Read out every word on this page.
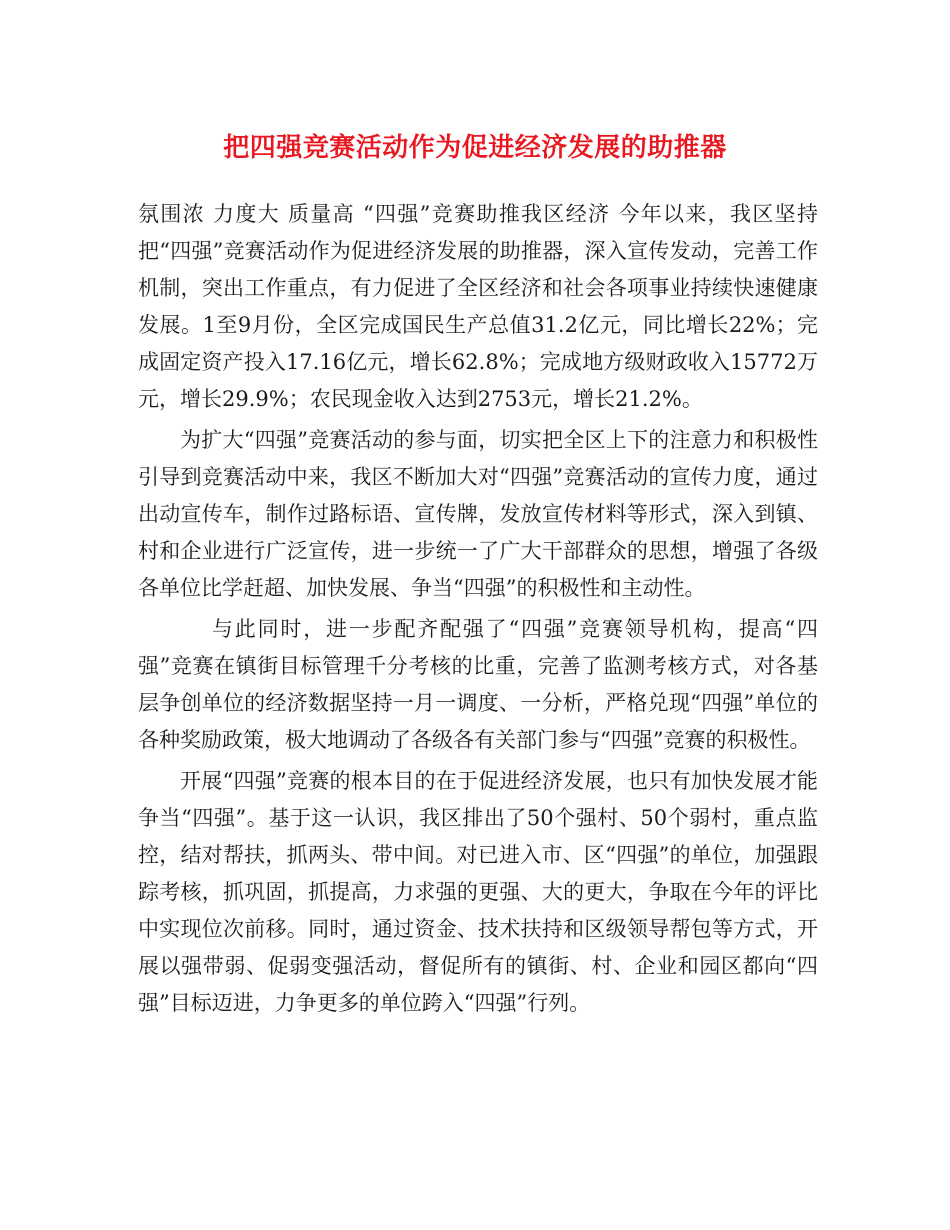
把四强竞赛活动作为促进经济发展的助推器

氛围浓 力度大 质量高 “四强”竞赛助推我区经济 今年以来，我区坚持把“四强”竞赛活动作为促进经济发展的助推器，深入宣传发动，完善工作机制，突出工作重点，有力促进了全区经济和社会各项事业持续快速健康发展。1至9月份，全区完成国民生产总值31.2亿元，同比增长22%；完成固定资产投入17.16亿元，增长62.8%；完成地方级财政收入15772万元，增长29.9%；农民现金收入达到2753元，增长21.2%。

为扩大“四强”竞赛活动的参与面，切实把全区上下的注意力和积极性引导到竞赛活动中来，我区不断加大对“四强”竞赛活动的宣传力度，通过出动宣传车，制作过路标语、宣传牌，发放宣传材料等形式，深入到镇、村和企业进行广泛宣传，进一步统一了广大干部群众的思想，增强了各级各单位比学赶超、加快发展、争当“四强”的积极性和主动性。

与此同时，进一步配齐配强了“四强”竞赛领导机构，提高“四强”竞赛在镇街目标管理千分考核的比重，完善了监测考核方式，对各基层争创单位的经济数据坚持一月一调度、一分析，严格兑现“四强”单位的各种奖励政策，极大地调动了各级各有关部门参与“四强”竞赛的积极性。

开展“四强”竞赛的根本目的在于促进经济发展，也只有加快发展才能争当“四强”。基于这一认识，我区排出了50个强村、50个弱村，重点监控，结对帮扶，抓两头、带中间。对已进入市、区“四强”的单位，加强跟踪考核，抓巩固，抓提高，力求强的更强、大的更大，争取在今年的评比中实现位次前移。同时，通过资金、技术扶持和区级领导帮包等方式，开展以强带弱、促弱变强活动，督促所有的镇街、村、企业和园区都向“四强”目标迈进，力争更多的单位跨入“四强”行列。
